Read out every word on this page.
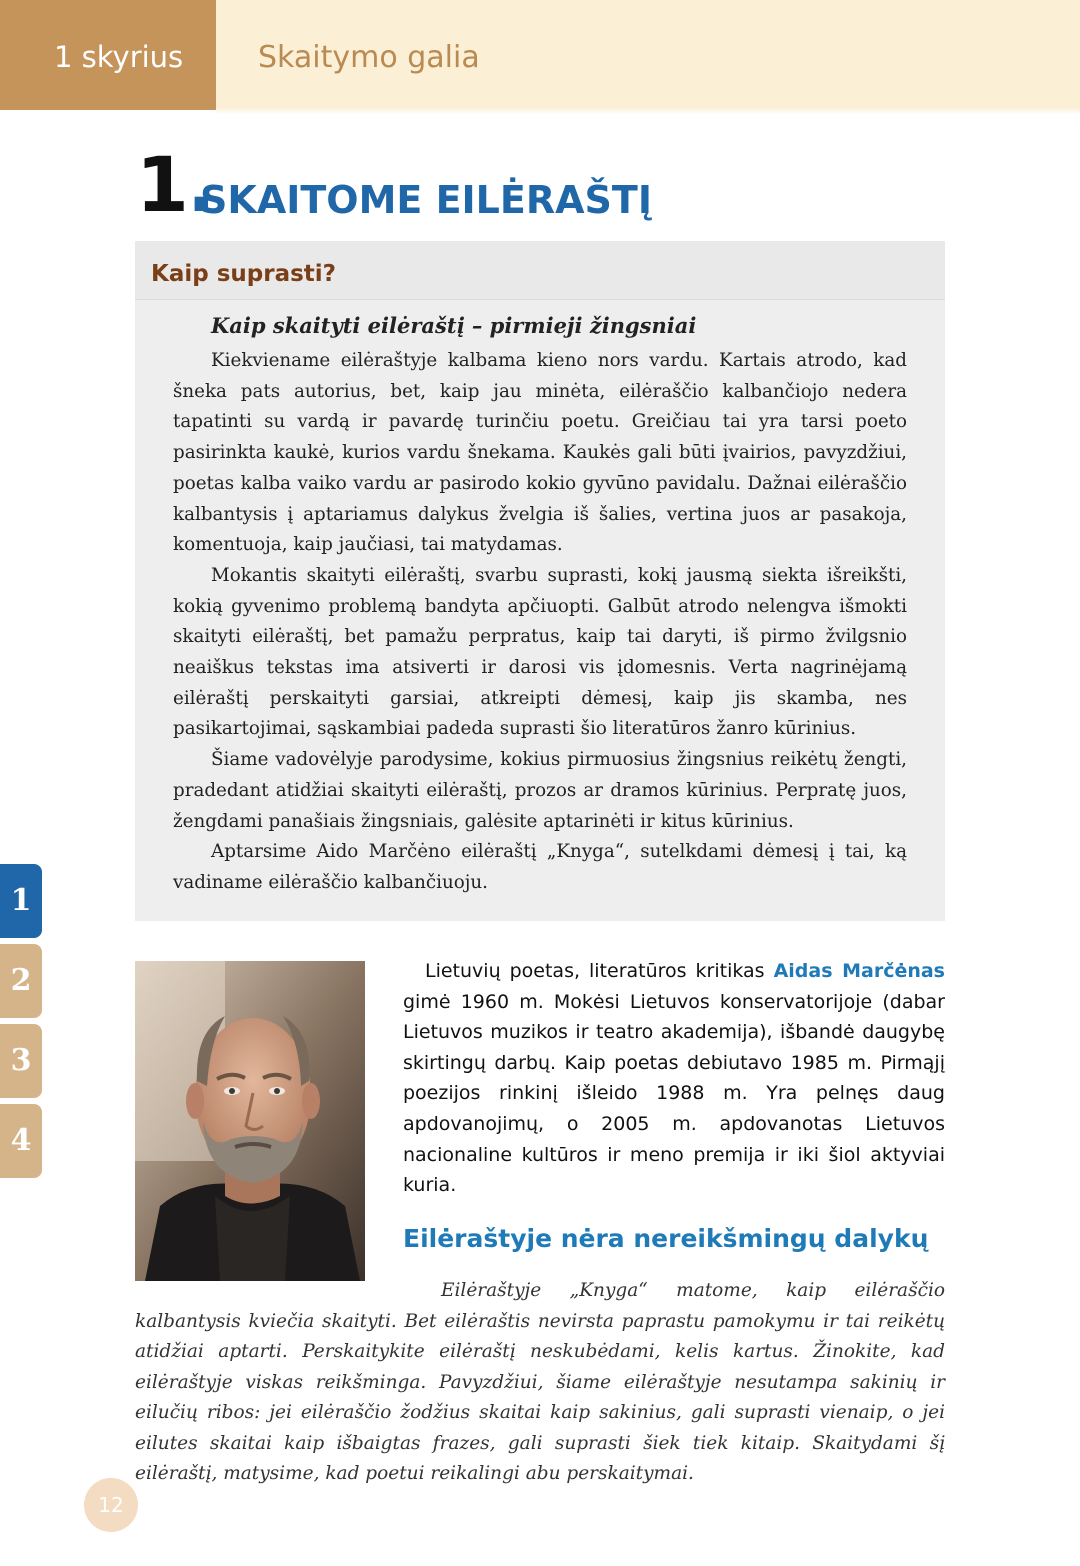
1 skyrius Skaitymo galia
1.
SKAITOME EILĖRAŠTĮ
Kaip suprasti?
Kaip skaityti eilėraštį – pirmieji žingsniai

Kiekviename eilėraštyje kalbama kieno nors vardu. Kartais atrodo, kad šneka pats autorius, bet, kaip jau minėta, eilėraščio kalbančiojo nedera tapatinti su vardą ir pavardę turinčiu poetu. Greičiau tai yra tarsi poeto pasirinkta kaukė, kurios vardu šnekama. Kaukės gali būti įvairios, pavyzdžiui, poetas kalba vaiko vardu ar pasirodo kokio gyvūno pavidalu. Dažnai eilėraščio kalbantysis į aptariamus dalykus žvelgia iš šalies, vertina juos ar pasakoja, komentuoja, kaip jaučiasi, tai matydamas.

Mokantis skaityti eilėraštį, svarbu suprasti, kokį jausmą siekta išreikšti, kokią gyvenimo problemą bandyta apčiuopti. Galbūt atrodo nelengva išmokti skaityti eilėraštį, bet pamažu perpratus, kaip tai daryti, iš pirmo žvilgsnio neaiškus tekstas ima atsiverti ir darosi vis įdomesnis. Verta nagrinėjamą eilėraštį perskaityti garsiai, atkreipti dėmesį, kaip jis skamba, nes pasikartojimai, sąskambiai padeda suprasti šio literatūros žanro kūrinius.

Šiame vadovėlyje parodysime, kokius pirmuosius žingsnius reikėtų žengti, pradedant atidžiai skaityti eilėraštį, prozos ar dramos kūrinius. Perpratę juos, žengdami panašiais žingsniais, galėsite aptarinėti ir kitus kūrinius.

Aptarsime Aido Marčėno eilėraštį „Knyga“, sutelkdami dėmesį į tai, ką vadiname eilėraščio kalbančiuoju.

1
2
3
4

Lietuvių poetas, literatūros kritikas Aidas Marčėnas gimė 1960 m. Mokėsi Lietuvos konservatorijoje (dabar Lietuvos muzikos ir teatro akademija), išbandė daugybę skirtingų darbų. Kaip poetas debiutavo 1985 m. Pirmąjį poezijos rinkinį išleido 1988 m. Yra pelnęs daug apdovanojimų, o 2005 m. apdovanotas Lietuvos nacionaline kultūros ir meno premija ir iki šiol aktyviai kuria.

Eilėraštyje nėra nereikšmingų dalykų

Eilėraštyje „Knyga“ matome, kaip eilėraščio kalbantysis kviečia skaityti. Bet eilėraštis nevirsta paprastu pamokymu ir tai reikėtų atidžiai aptarti. Perskaitykite eilėraštį neskubėdami, kelis kartus. Žinokite, kad eilėraštyje viskas reikšminga. Pavyzdžiui, šiame eilėraštyje nesutampa sakinių ir eilučių ribos: jei eilėraščio žodžius skaitai kaip sakinius, gali suprasti vienaip, o jei eilutes skaitai kaip išbaigtas frazes, gali suprasti šiek tiek kitaip. Skaitydami šį eilėraštį, matysime, kad poetui reikalingi abu perskaitymai.

12
